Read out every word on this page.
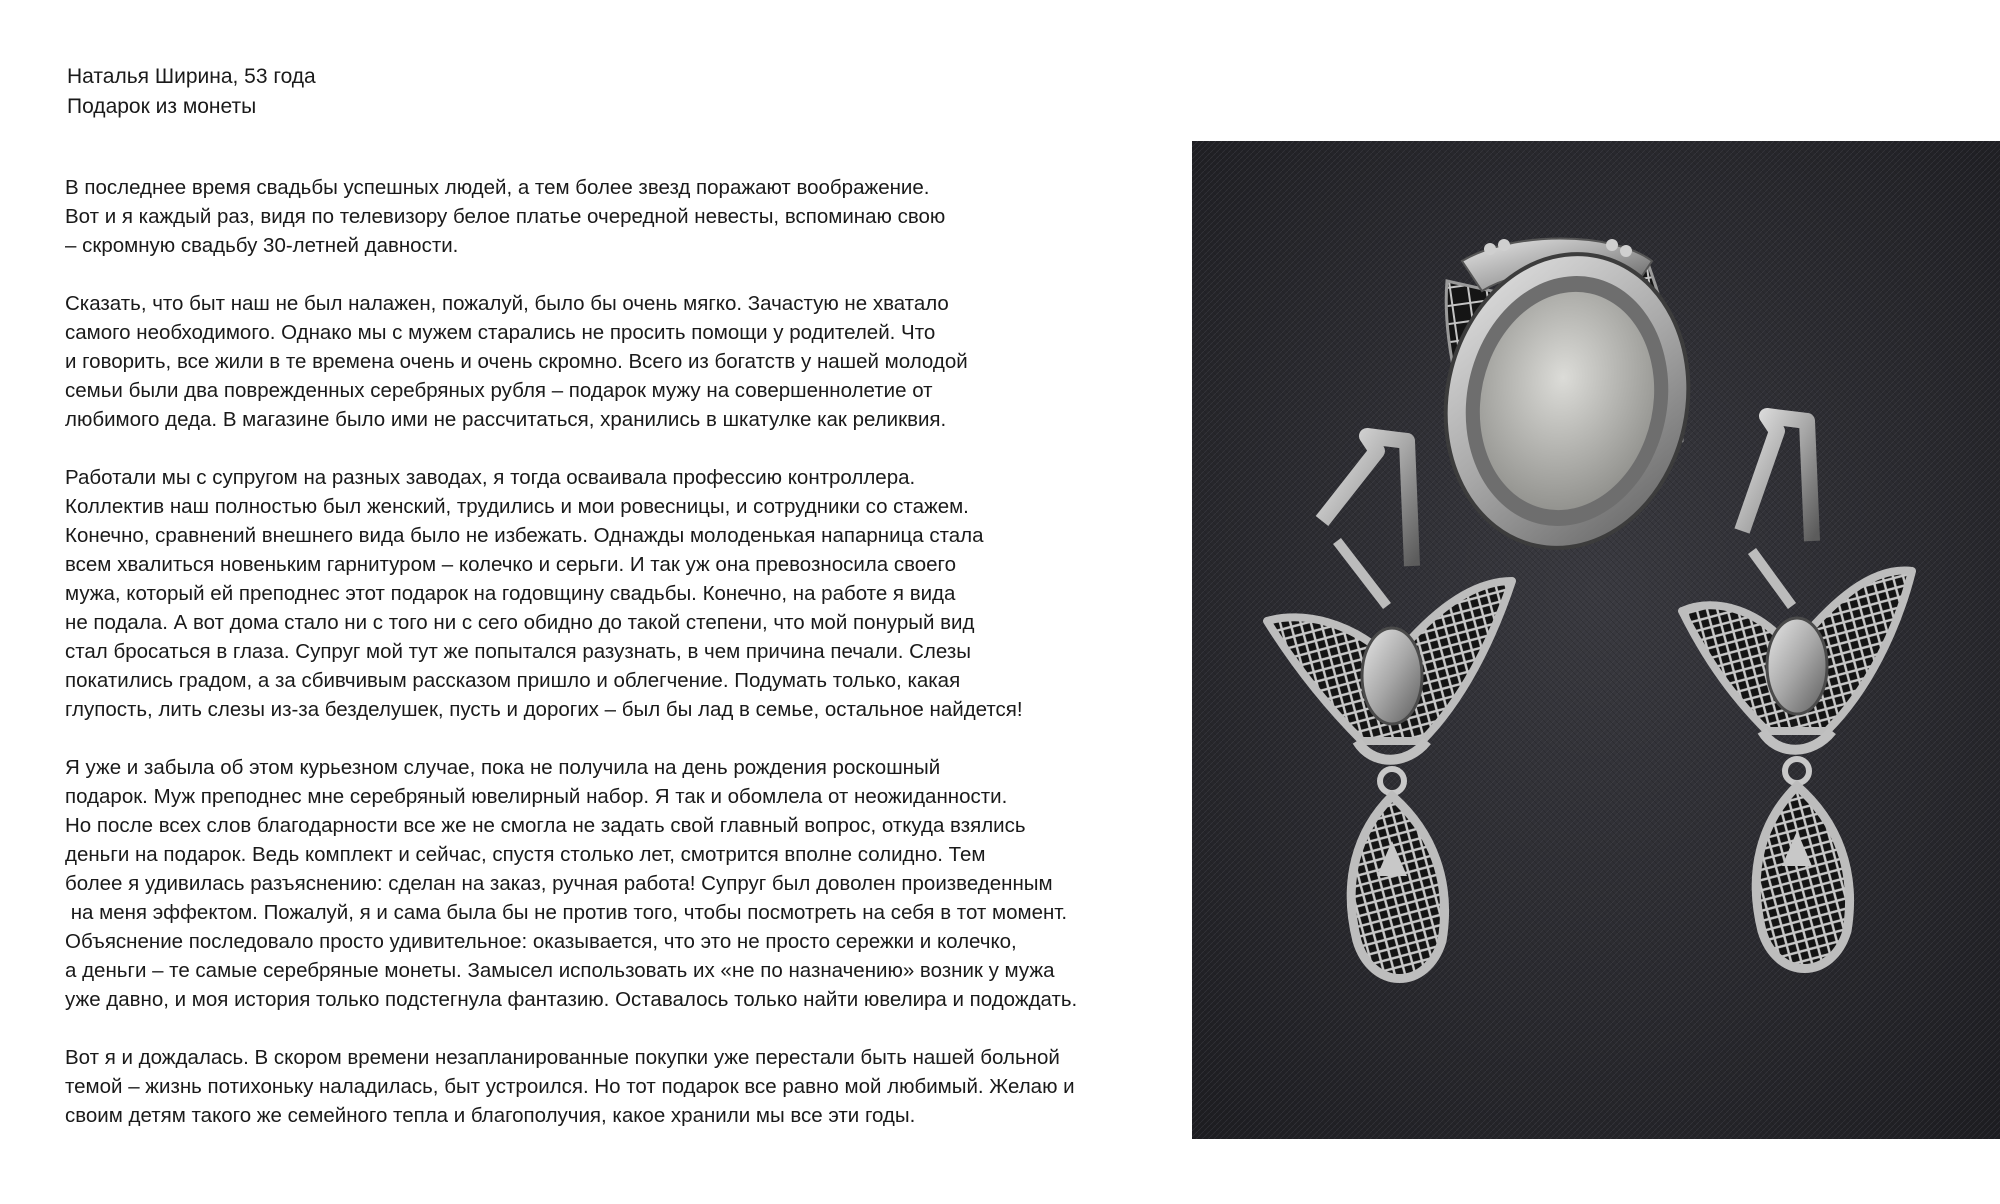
Наталья Ширина, 53 года
Подарок из монеты
В последнее время свадьбы успешных людей, а тем более звезд поражают воображение.
Вот и я каждый раз, видя по телевизору белое платье очередной невесты, вспоминаю свою
– скромную свадьбу 30-летней давности.
Сказать, что быт наш не был налажен, пожалуй, было бы очень мягко. Зачастую не хватало
самого необходимого. Однако мы с мужем старались не просить помощи у родителей. Что
и говорить, все жили в те времена очень и очень скромно. Всего из богатств у нашей молодой
семьи были два поврежденных серебряных рубля – подарок мужу на совершеннолетие от
любимого деда. В магазине было ими не рассчитаться, хранились в шкатулке как реликвия.
Работали мы с супругом на разных заводах, я тогда осваивала профессию контроллера.
Коллектив наш полностью был женский, трудились и мои ровесницы, и сотрудники со стажем.
Конечно, сравнений внешнего вида было не избежать. Однажды молоденькая напарница стала
всем хвалиться новеньким гарнитуром – колечко и серьги. И так уж она превозносила своего
мужа, который ей преподнес этот подарок на годовщину свадьбы. Конечно, на работе я вида
не подала. А вот дома стало ни с того ни с сего обидно до такой степени, что мой понурый вид
стал бросаться в глаза. Супруг мой тут же попытался разузнать, в чем причина печали. Слезы
покатились градом, а за сбивчивым рассказом пришло и облегчение. Подумать только, какая
глупость, лить слезы из-за безделушек, пусть и дорогих – был бы лад в семье, остальное найдется!
Я уже и забыла об этом курьезном случае, пока не получила на день рождения роскошный
подарок. Муж преподнес мне серебряный ювелирный набор. Я так и обомлела от неожиданности.
Но после всех слов благодарности все же не смогла не задать свой главный вопрос, откуда взялись
деньги на подарок. Ведь комплект и сейчас, спустя столько лет, смотрится вполне солидно. Тем
более я удивилась разъяснению: сделан на заказ, ручная работа! Супруг был доволен произведенным
на меня эффектом. Пожалуй, я и сама была бы не против того, чтобы посмотреть на себя в тот момент.
Объяснение последовало просто удивительное: оказывается, что это не просто сережки и колечко,
а деньги – те самые серебряные монеты. Замысел использовать их «не по назначению» возник у мужа
уже давно, и моя история только подстегнула фантазию. Оставалось только найти ювелира и подождать.
Вот я и дождалась. В скором времени незапланированные покупки уже перестали быть нашей больной
темой – жизнь потихоньку наладилась, быт устроился. Но тот подарок все равно мой любимый. Желаю и
своим детям такого же семейного тепла и благополучия, какое хранили мы все эти годы.
